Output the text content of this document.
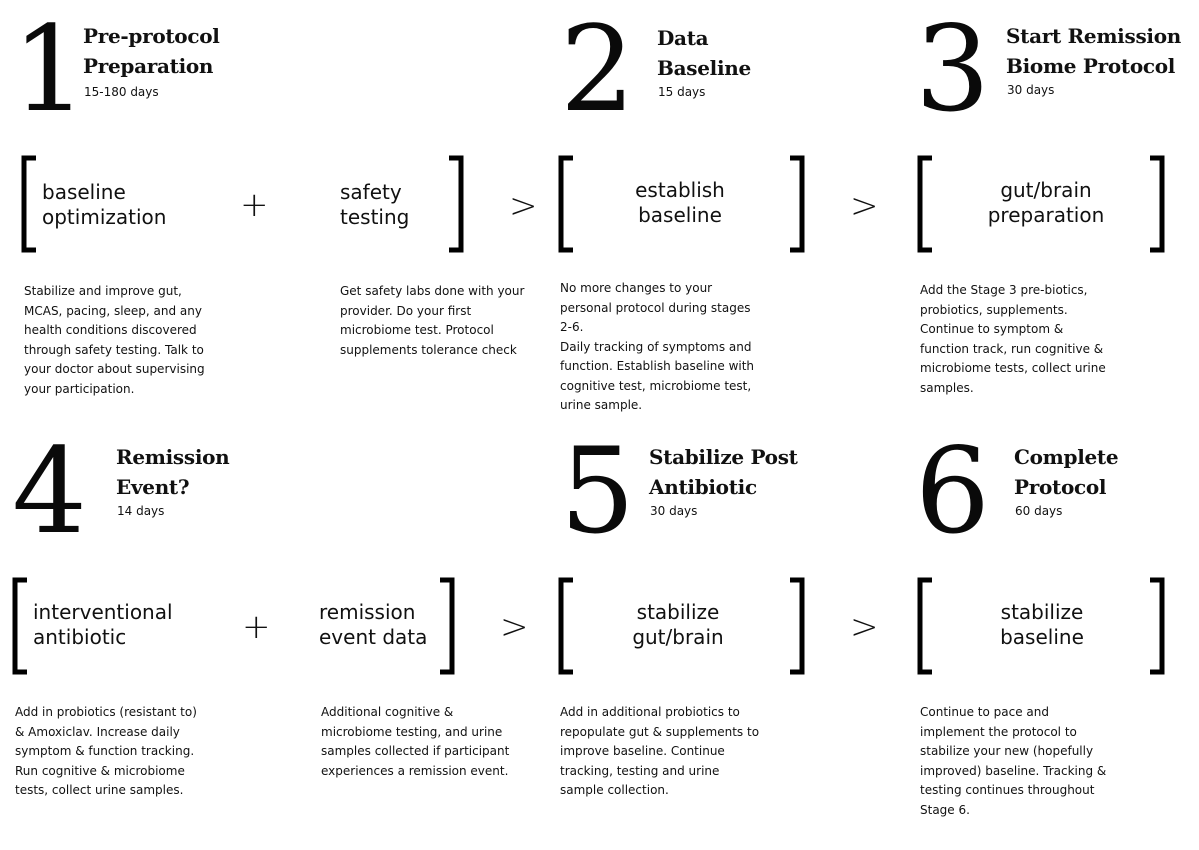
1
Pre-protocol
Preparation
15-180 days	2 Data
Baseline
15 days 3 Start Remission
Biome Protocol
30 days
baseline
optimization +	safety
testing	>	establish
baseline	>	gut/brain
preparation
Stabilize and improve gut,
MCAS, pacing, sleep, and any
health conditions discovered
through safety testing. Talk to
your doctor about supervising
your participation.
Get safety labs done with your
provider. Do your first
microbiome test. Protocol
supplements tolerance check
No more changes to your
personal protocol during stages
2-6.
Daily tracking of symptoms and
function. Establish baseline with
cognitive test, microbiome test,
urine sample.
Add the Stage 3 pre-biotics,
probiotics, supplements.
Continue to symptom &
function track, run cognitive &
microbiome tests, collect urine
samples.
4 Remission
Event?
14 days	5 Stabilize Post
Antibiotic
30 days 6 Complete
Protocol
60 days
interventional
antibiotic	+ remission
event data >	stabilize
gut/brain	>	stabilize
baseline
Add in probiotics (resistant to)
& Amoxiclav. Increase daily
symptom & function tracking.
Run cognitive & microbiome
tests, collect urine samples.
Additional cognitive &
microbiome testing, and urine
samples collected if participant
experiences a remission event.
Add in additional probiotics to
repopulate gut & supplements to
improve baseline. Continue
tracking, testing and urine
sample collection.
Continue to pace and
implement the protocol to
stabilize your new (hopefully
improved) baseline. Tracking &
testing continues throughout
Stage 6.
